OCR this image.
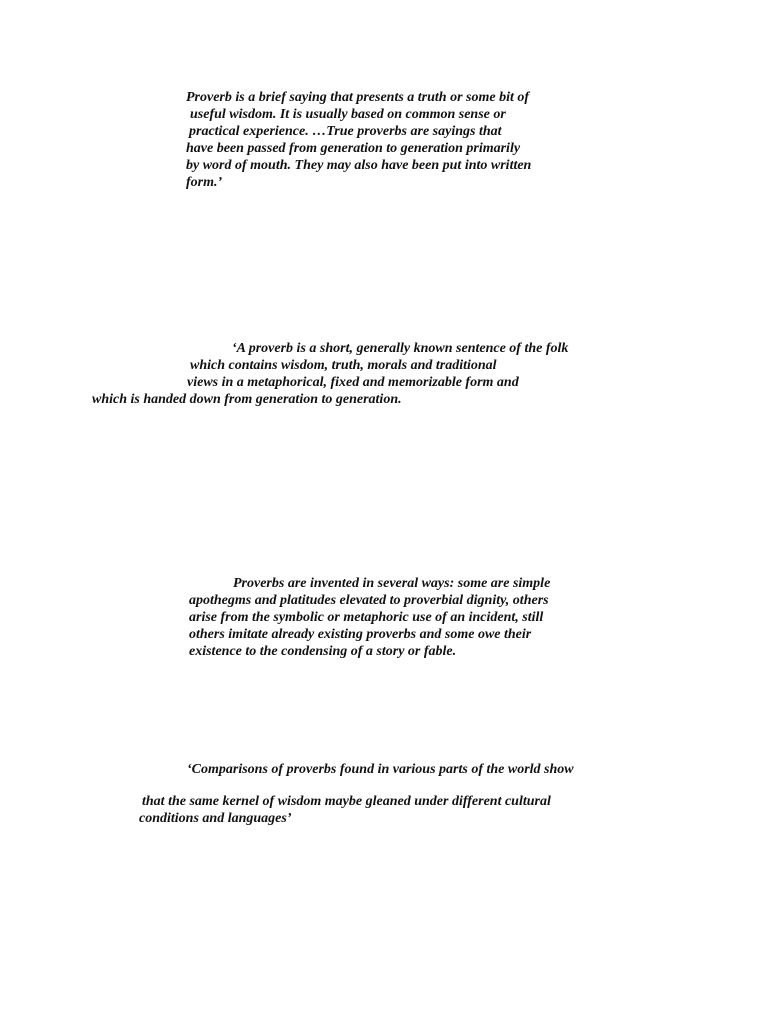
Proverb is a brief saying that presents a truth or some bit of
useful wisdom. It is usually based on common sense or
practical experience. …True proverbs are sayings that
have been passed from generation to generation primarily
by word of mouth. They may also have been put into written
form.’
‘A proverb is a short, generally known sentence of the folk
which contains wisdom, truth, morals and traditional
views in a metaphorical, fixed and memorizable form and
which is handed down from generation to generation.
Proverbs are invented in several ways: some are simple
apothegms and platitudes elevated to proverbial dignity, others
arise from the symbolic or metaphoric use of an incident, still
others imitate already existing proverbs and some owe their
existence to the condensing of a story or fable.
‘Comparisons of proverbs found in various parts of the world show
that the same kernel of wisdom maybe gleaned under different cultural
conditions and languages’
